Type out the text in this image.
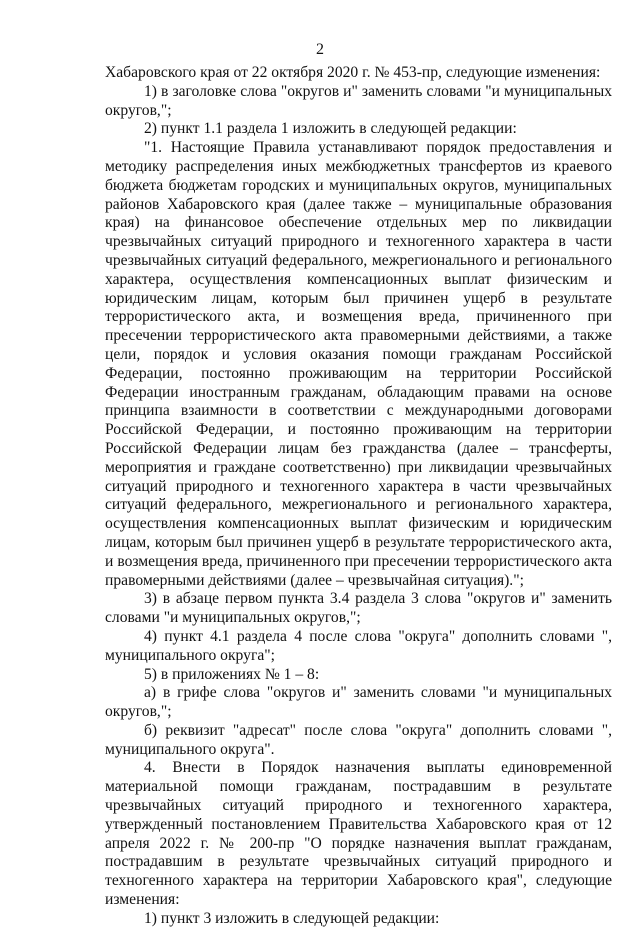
2

Хабаровского края от 22 октября 2020 г. № 453-пр, следующие изменения:

1) в заголовке слова "округов и" заменить словами "и муниципальных округов,";

2) пункт 1.1 раздела 1 изложить в следующей редакции:

"1. Настоящие Правила устанавливают порядок предоставления и методику распределения иных межбюджетных трансфертов из краевого бюджета бюджетам городских и муниципальных округов, муниципальных районов Хабаровского края (далее также – муниципальные образования края) на финансовое обеспечение отдельных мер по ликвидации чрезвычайных ситуаций природного и техногенного характера в части чрезвычайных ситуаций федерального, межрегионального и регионального характера, осуществления компенсационных выплат физическим и юридическим лицам, которым был причинен ущерб в результате террористического акта, и возмещения вреда, причиненного при пресечении террористического акта правомерными действиями, а также цели, порядок и условия оказания помощи гражданам Российской Федерации, постоянно проживающим на территории Российской Федерации иностранным гражданам, обладающим правами на основе принципа взаимности в соответствии с международными договорами Российской Федерации, и постоянно проживающим на территории Российской Федерации лицам без гражданства (далее – трансферты, мероприятия и граждане соответственно) при ликвидации чрезвычайных ситуаций природного и техногенного характера в части чрезвычайных ситуаций федерального, межрегионального и регионального характера, осуществления компенсационных выплат физическим и юридическим лицам, которым был причинен ущерб в результате террористического акта, и возмещения вреда, причиненного при пресечении террористического акта правомерными действиями (далее – чрезвычайная ситуация).";

3) в абзаце первом пункта 3.4 раздела 3 слова "округов и" заменить словами "и муниципальных округов,";

4) пункт 4.1 раздела 4 после слова "округа" дополнить словами ", муниципального округа";

5) в приложениях № 1 – 8:

а) в грифе слова "округов и" заменить словами "и муниципальных округов,";

б) реквизит "адресат" после слова "округа" дополнить словами ", муниципального округа".

4. Внести в Порядок назначения выплаты единовременной материальной помощи гражданам, пострадавшим в результате чрезвычайных ситуаций природного и техногенного характера, утвержденный постановлением Правительства Хабаровского края от 12 апреля 2022 г. № 200-пр "О порядке назначения выплат гражданам, пострадавшим в результате чрезвычайных ситуаций природного и техногенного характера на территории Хабаровского края", следующие изменения:

1) пункт 3 изложить в следующей редакции:
